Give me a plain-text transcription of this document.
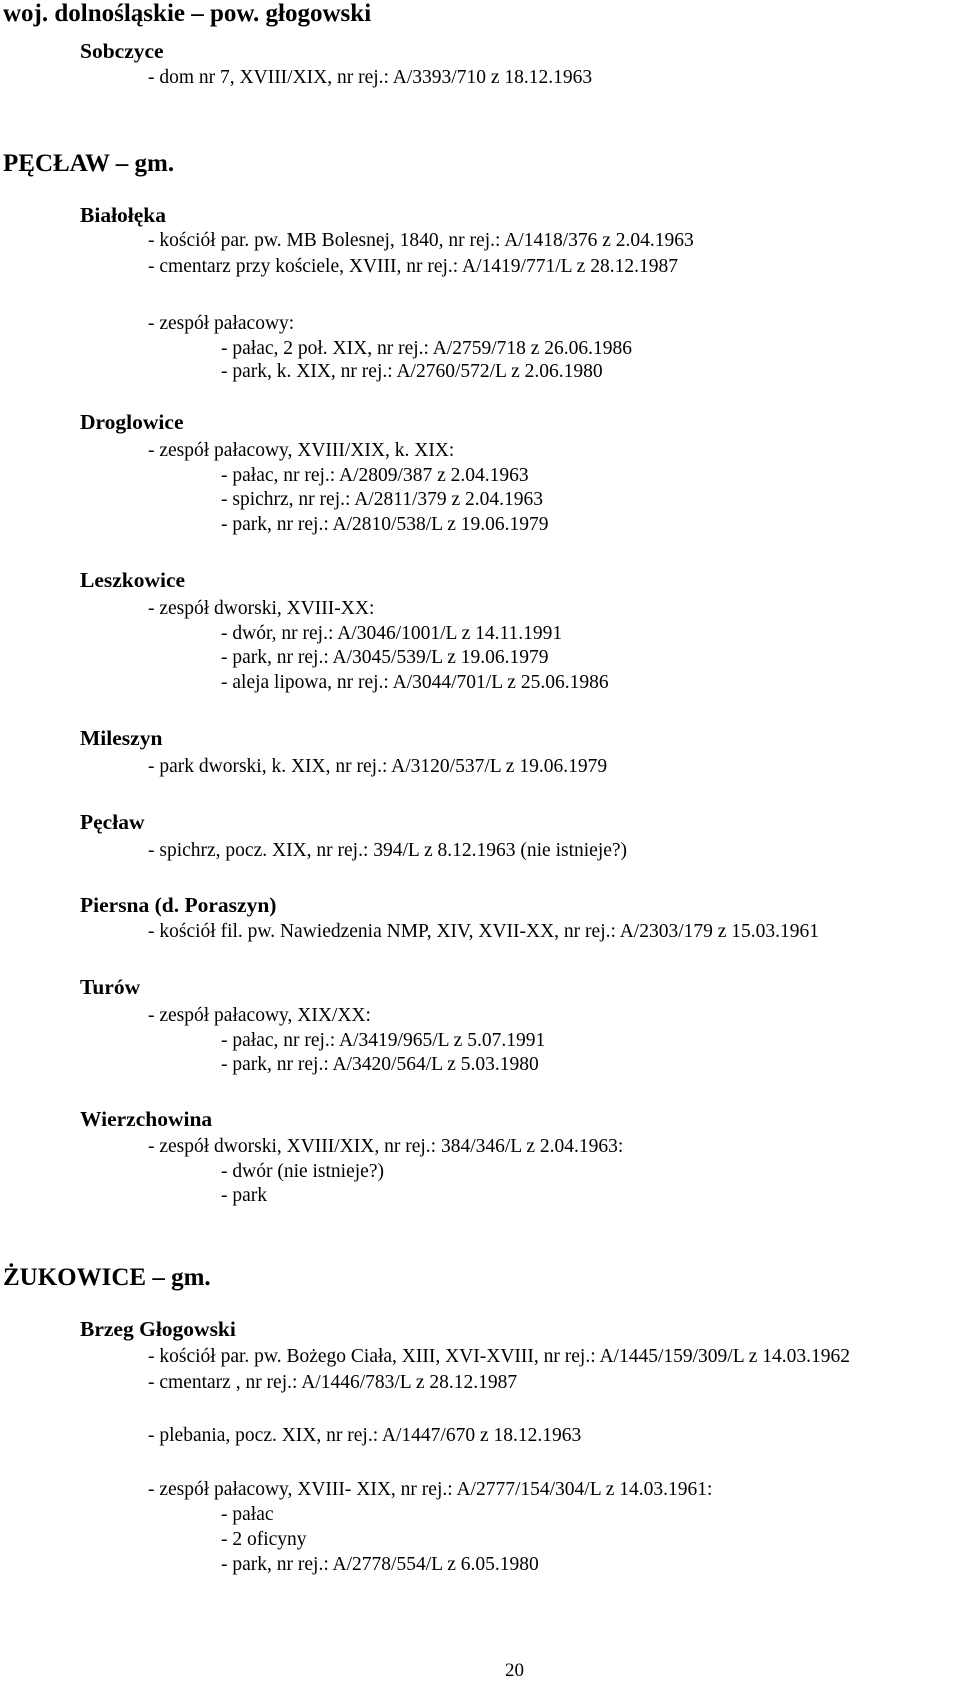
woj. dolnośląskie – pow. głogowski
Sobczyce
- dom nr 7, XVIII/XIX, nr rej.: A/3393/710 z 18.12.1963
PĘCŁAW – gm.
Białołęka
- kościół par. pw. MB Bolesnej, 1840, nr rej.: A/1418/376 z 2.04.1963
- cmentarz przy kościele, XVIII, nr rej.: A/1419/771/L z 28.12.1987
- zespół pałacowy:
- pałac, 2 poł. XIX, nr rej.: A/2759/718 z 26.06.1986
- park, k. XIX, nr rej.: A/2760/572/L z 2.06.1980
Droglowice
- zespół pałacowy, XVIII/XIX, k. XIX:
- pałac, nr rej.: A/2809/387 z 2.04.1963
- spichrz, nr rej.: A/2811/379 z 2.04.1963
- park, nr rej.: A/2810/538/L z 19.06.1979
Leszkowice
- zespół dworski, XVIII-XX:
- dwór, nr rej.: A/3046/1001/L z 14.11.1991
- park, nr rej.: A/3045/539/L z 19.06.1979
- aleja lipowa, nr rej.: A/3044/701/L z 25.06.1986
Mileszyn
- park dworski, k. XIX, nr rej.: A/3120/537/L z 19.06.1979
Pęcław
- spichrz, pocz. XIX, nr rej.: 394/L z 8.12.1963 (nie istnieje?)
Piersna (d. Poraszyn)
- kościół fil. pw. Nawiedzenia NMP, XIV, XVII-XX, nr rej.: A/2303/179 z 15.03.1961
Turów
- zespół pałacowy, XIX/XX:
- pałac, nr rej.: A/3419/965/L z 5.07.1991
- park, nr rej.: A/3420/564/L z 5.03.1980
Wierzchowina
- zespół dworski, XVIII/XIX, nr rej.: 384/346/L z 2.04.1963:
- dwór (nie istnieje?)
- park
ŻUKOWICE – gm.
Brzeg Głogowski
- kościół par. pw. Bożego Ciała, XIII, XVI-XVIII, nr rej.: A/1445/159/309/L z 14.03.1962
- cmentarz , nr rej.: A/1446/783/L z 28.12.1987
- plebania, pocz. XIX, nr rej.: A/1447/670 z 18.12.1963
- zespół pałacowy, XVIII- XIX, nr rej.: A/2777/154/304/L z 14.03.1961:
- pałac
- 2 oficyny
- park, nr rej.: A/2778/554/L z 6.05.1980
20
